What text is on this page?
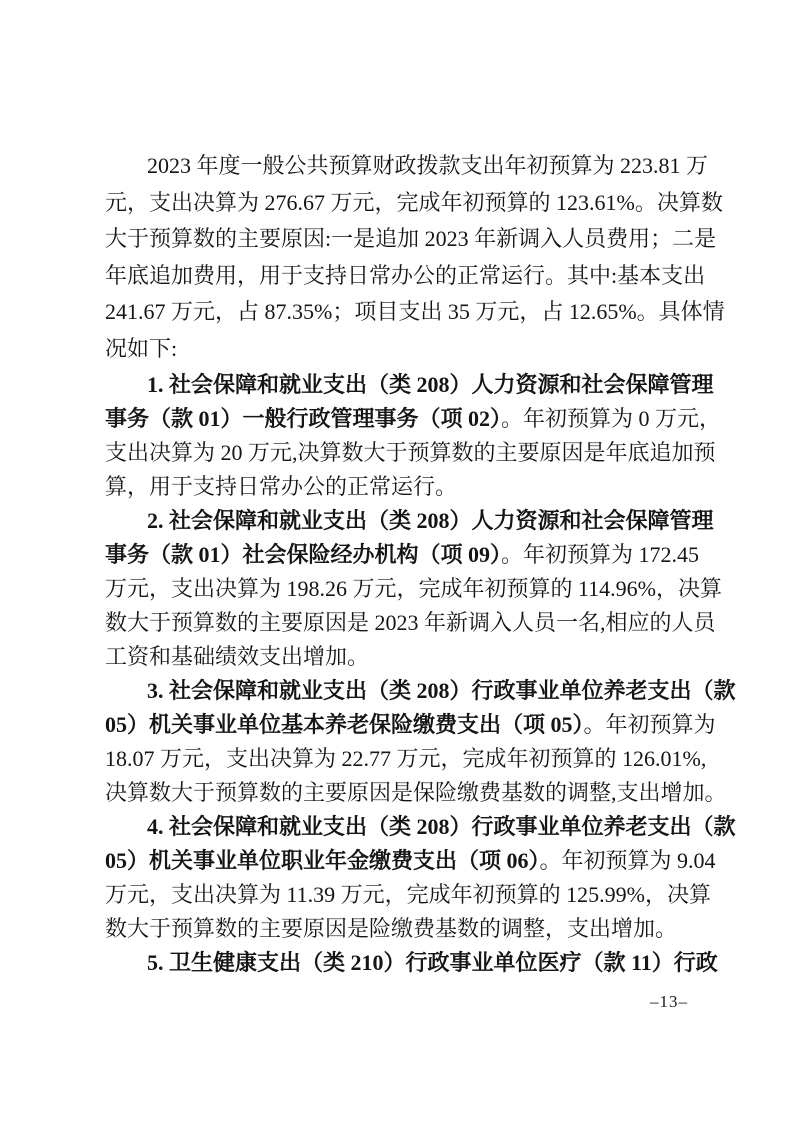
2023 年度一般公共预算财政拨款支出年初预算为 223.81 万
元，支出决算为 276.67 万元，完成年初预算的 123.61%。决算数
大于预算数的主要原因:一是追加 2023 年新调入人员费用；二是
年底追加费用，用于支持日常办公的正常运行。其中:基本支出
241.67 万元，占 87.35%；项目支出 35 万元，占 12.65%。具体情
况如下:
1. 社会保障和就业支出（类 208）人力资源和社会保障管理
事务（款 01）一般行政管理事务（项 02）。年初预算为 0 万元，
支出决算为 20 万元,决算数大于预算数的主要原因是年底追加预
算，用于支持日常办公的正常运行。
2. 社会保障和就业支出（类 208）人力资源和社会保障管理
事务（款 01）社会保险经办机构（项 09）。年初预算为 172.45
万元，支出决算为 198.26 万元，完成年初预算的 114.96%，决算
数大于预算数的主要原因是 2023 年新调入人员一名,相应的人员
工资和基础绩效支出增加。
3. 社会保障和就业支出（类 208）行政事业单位养老支出（款
05）机关事业单位基本养老保险缴费支出（项 05）。年初预算为
18.07 万元，支出决算为 22.77 万元，完成年初预算的 126.01%,
决算数大于预算数的主要原因是保险缴费基数的调整,支出增加。
4. 社会保障和就业支出（类 208）行政事业单位养老支出（款
05）机关事业单位职业年金缴费支出（项 06）。年初预算为 9.04
万元，支出决算为 11.39 万元，完成年初预算的 125.99%，决算
数大于预算数的主要原因是险缴费基数的调整，支出增加。
5. 卫生健康支出（类 210）行政事业单位医疗（款 11）行政
–13–
